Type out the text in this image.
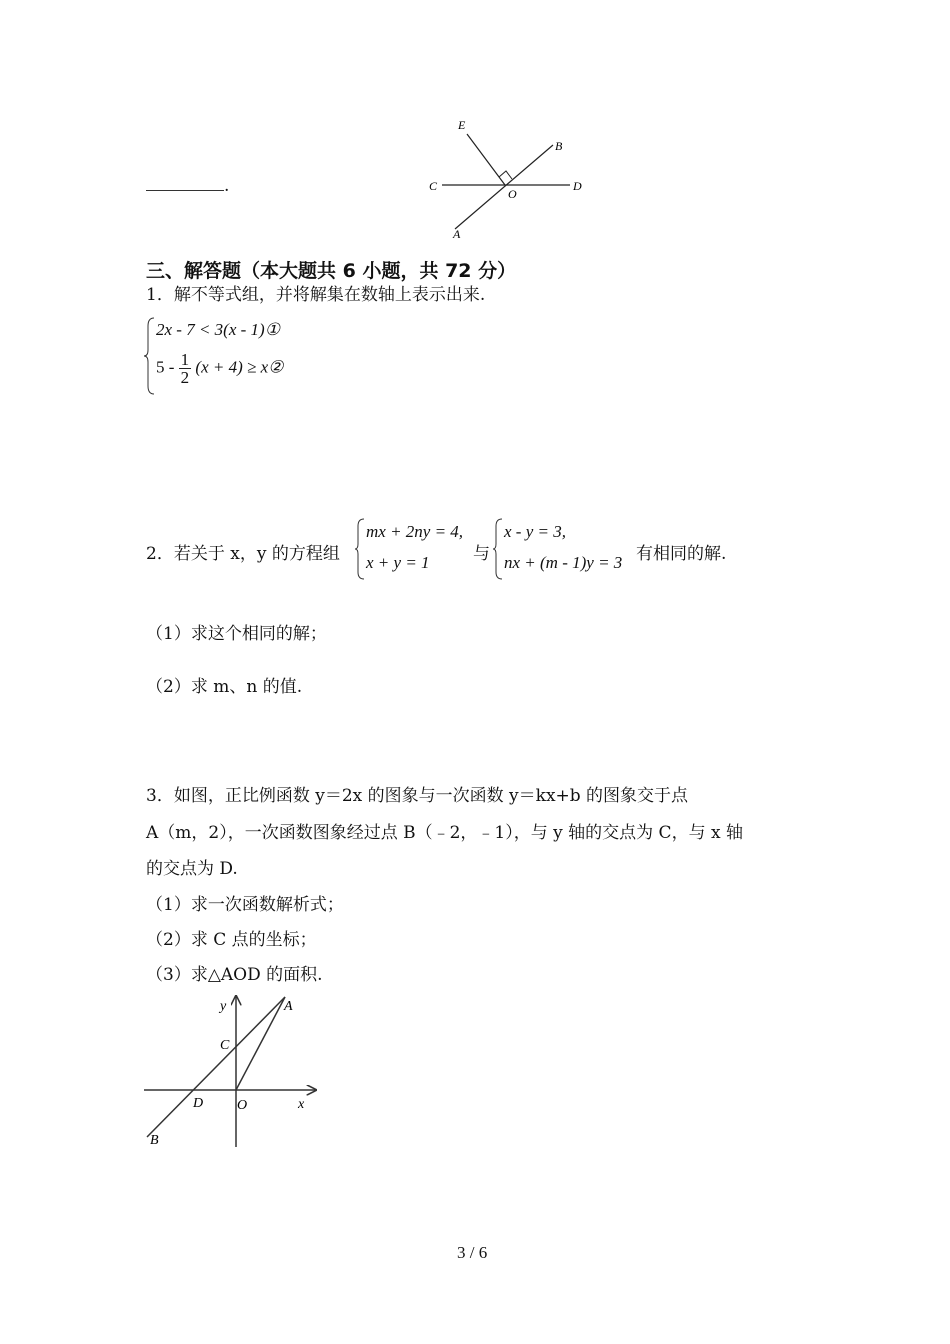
.
E
B
C
O
D
A
三、解答题（本大题共 6 小题，共 72 分）
1．解不等式组，并将解集在数轴上表示出来.
2x - 7 < 3(x - 1)①
$5 - \frac{1}{2} (x + 4)$ ≥ x②
2．若关于 x，y 的方程组
mx + 2ny = 4,
x + y = 1	与
x - y = 3,
nx + (m - 1)y = 3 有相同的解.
（1）求这个相同的解；
（2）求 m、n 的值.
3．如图，正比例函数 y＝2x 的图象与一次函数 y＝kx+b 的图象交于点
A（m，2），一次函数图象经过点 B（﹣2，﹣1），与 y 轴的交点为 C，与 x 轴
的交点为 D.
（1）求一次函数解析式；
（2）求 C 点的坐标；
（3）求△AOD 的面积.
y	A
C
D O	x
B
3 / 6
